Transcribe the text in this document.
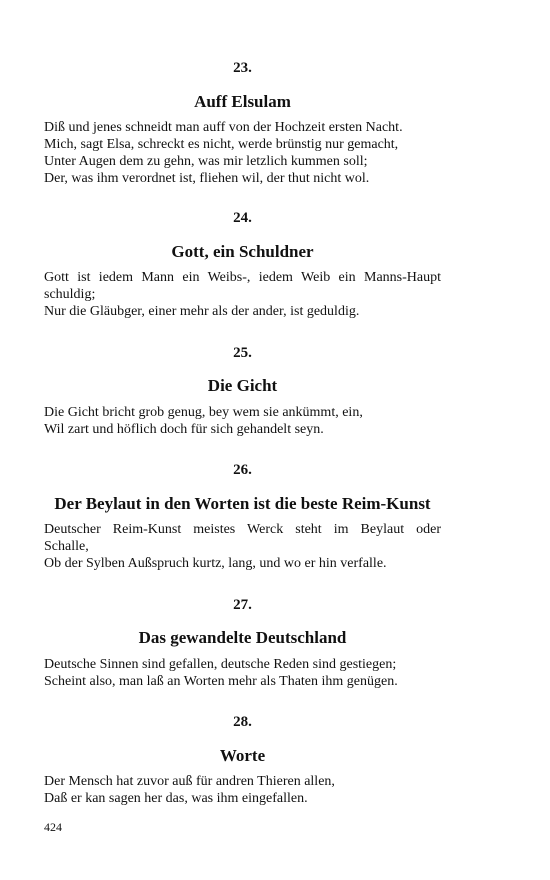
23.
Auff Elsulam
Diß und jenes schneidt man auff von der Hochzeit ersten Nacht.
Mich, sagt Elsa, schreckt es nicht, werde brünstig nur gemacht,
Unter Augen dem zu gehn, was mir letzlich kummen soll;
Der, was ihm verordnet ist, fliehen wil, der thut nicht wol.
24.
Gott, ein Schuldner
Gott ist iedem Mann ein Weibs-, iedem Weib ein Manns-Haupt
schuldig;
Nur die Gläubger, einer mehr als der ander, ist geduldig.
25.
Die Gicht
Die Gicht bricht grob genug, bey wem sie ankümmt, ein,
Wil zart und höflich doch für sich gehandelt seyn.
26.
Der Beylaut in den Worten ist die beste Reim-Kunst
Deutscher Reim-Kunst meistes Werck steht im Beylaut oder
Schalle,
Ob der Sylben Außspruch kurtz, lang, und wo er hin verfalle.
27.
Das gewandelte Deutschland
Deutsche Sinnen sind gefallen, deutsche Reden sind gestiegen;
Scheint also, man laß an Worten mehr als Thaten ihm genügen.
28.
Worte
Der Mensch hat zuvor auß für andren Thieren allen,
Daß er kan sagen her das, was ihm eingefallen.
424
